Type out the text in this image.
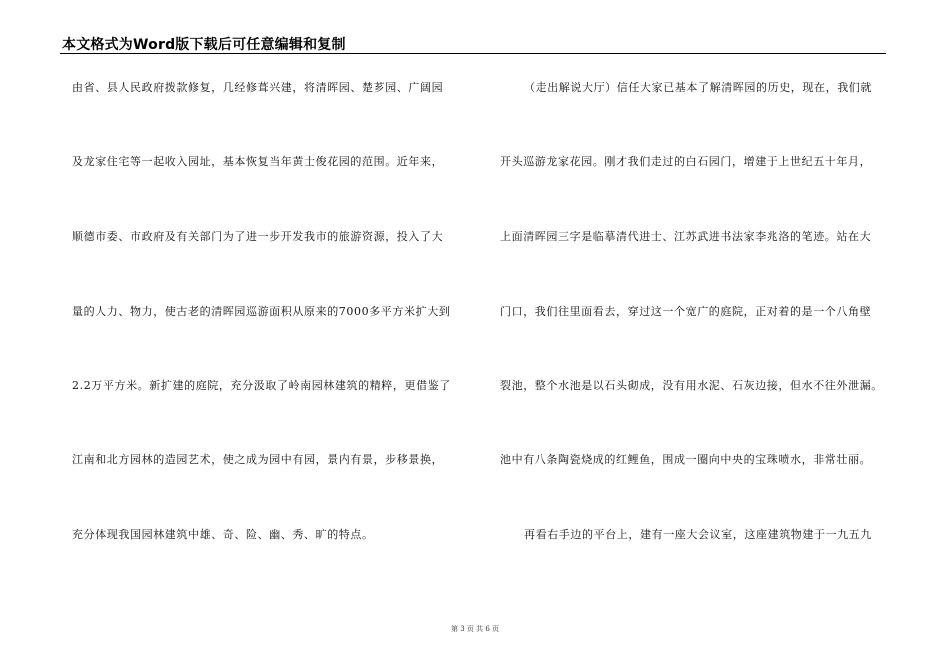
本文格式为Word版下载后可任意编辑和复制
由省、县人民政府拨款修复，几经修葺兴建，将清晖园、楚芗园、广阔园
及龙家住宅等一起收入园址，基本恢复当年黄士俊花园的范围。近年来，
顺德市委、市政府及有关部门为了进一步开发我市的旅游资源，投入了大
量的人力、物力，使古老的清晖园巡游面积从原来的7000多平方米扩大到
2.2万平方米。新扩建的庭院，充分汲取了岭南园林建筑的精粹，更借鉴了
江南和北方园林的造园艺术，使之成为园中有园，景内有景，步移景换，
充分体现我国园林建筑中雄、奇、险、幽、秀、旷的特点。
（走出解说大厅）信任大家已基本了解清晖园的历史，现在，我们就
开头巡游龙家花园。刚才我们走过的白石园门，增建于上世纪五十年月，
上面清晖园三字是临摹清代进士、江苏武进书法家李兆洛的笔迹。站在大
门口，我们往里面看去，穿过这一个宽广的庭院，正对着的是一个八角壁
裂池，整个水池是以石头砌成，没有用水泥、石灰边接，但水不往外泄漏。
池中有八条陶瓷烧成的红鲤鱼，围成一圈向中央的宝珠喷水，非常壮丽。
再看右手边的平台上，建有一座大会议室，这座建筑物建于一九五九
第 3 页 共 6 页
